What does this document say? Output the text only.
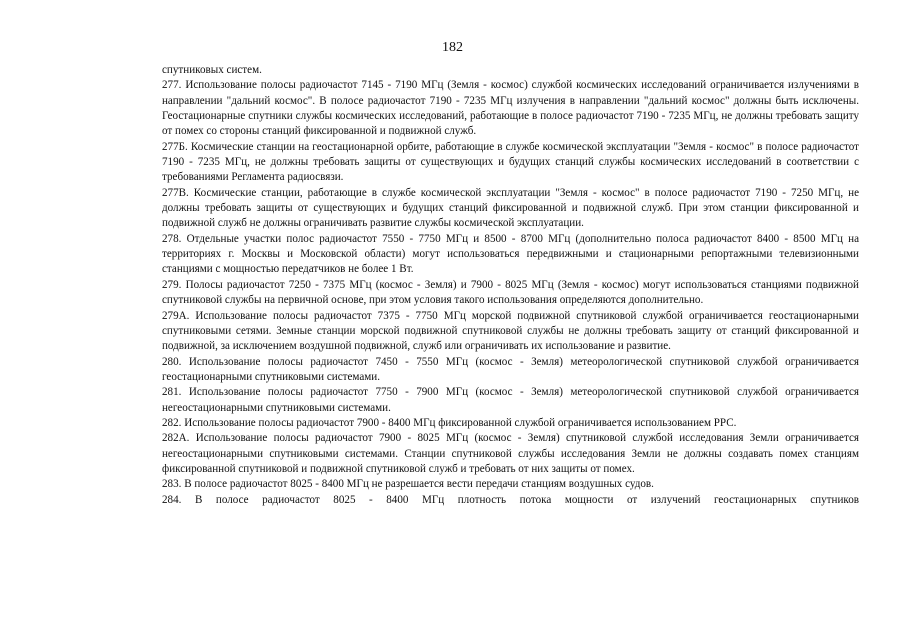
182

спутниковых систем.

277. Использование полосы радиочастот 7145 - 7190 МГц (Земля - космос) службой космических исследований ограничивается излучениями в направлении "дальний космос". В полосе радиочастот 7190 - 7235 МГц излучения в направлении "дальний космос" должны быть исключены. Геостационарные спутники службы космических исследований, работающие в полосе радиочастот 7190 - 7235 МГц, не должны требовать защиту от помех со стороны станций фиксированной и подвижной служб.

277Б. Космические станции на геостационарной орбите, работающие в службе космической эксплуатации "Земля - космос" в полосе радиочастот 7190 - 7235 МГц, не должны требовать защиты от существующих и будущих станций службы космических исследований в соответствии с требованиями Регламента радиосвязи.

277В. Космические станции, работающие в службе космической эксплуатации "Земля - космос" в полосе радиочастот 7190 - 7250 МГц, не должны требовать защиты от существующих и будущих станций фиксированной и подвижной служб. При этом станции фиксированной и подвижной служб не должны ограничивать развитие службы космической эксплуатации.

278. Отдельные участки полос радиочастот 7550 - 7750 МГц и 8500 - 8700 МГц (дополнительно полоса радиочастот 8400 - 8500 МГц на территориях г. Москвы и Московской области) могут использоваться передвижными и стационарными репортажными телевизионными станциями с мощностью передатчиков не более 1 Вт.

279. Полосы радиочастот 7250 - 7375 МГц (космос - Земля) и 7900 - 8025 МГц (Земля - космос) могут использоваться станциями подвижной спутниковой службы на первичной основе, при этом условия такого использования определяются дополнительно.

279А. Использование полосы радиочастот 7375 - 7750 МГц морской подвижной спутниковой службой ограничивается геостационарными спутниковыми сетями. Земные станции морской подвижной спутниковой службы не должны требовать защиту от станций фиксированной и подвижной, за исключением воздушной подвижной, служб или ограничивать их использование и развитие.

280. Использование полосы радиочастот 7450 - 7550 МГц (космос - Земля) метеорологической спутниковой службой ограничивается геостационарными спутниковыми системами.

281. Использование полосы радиочастот 7750 - 7900 МГц (космос - Земля) метеорологической спутниковой службой ограничивается негеостационарными спутниковыми системами.

282. Использование полосы радиочастот 7900 - 8400 МГц фиксированной службой ограничивается использованием РРС.

282А. Использование полосы радиочастот 7900 - 8025 МГц (космос - Земля) спутниковой службой исследования Земли ограничивается негеостационарными спутниковыми системами. Станции спутниковой службы исследования Земли не должны создавать помех станциям фиксированной спутниковой и подвижной спутниковой служб и требовать от них защиты от помех.

283. В полосе радиочастот 8025 - 8400 МГц не разрешается вести передачи станциям воздушных судов.

284. В полосе радиочастот 8025 - 8400 МГц плотность потока мощности от излучений геостационарных спутников
